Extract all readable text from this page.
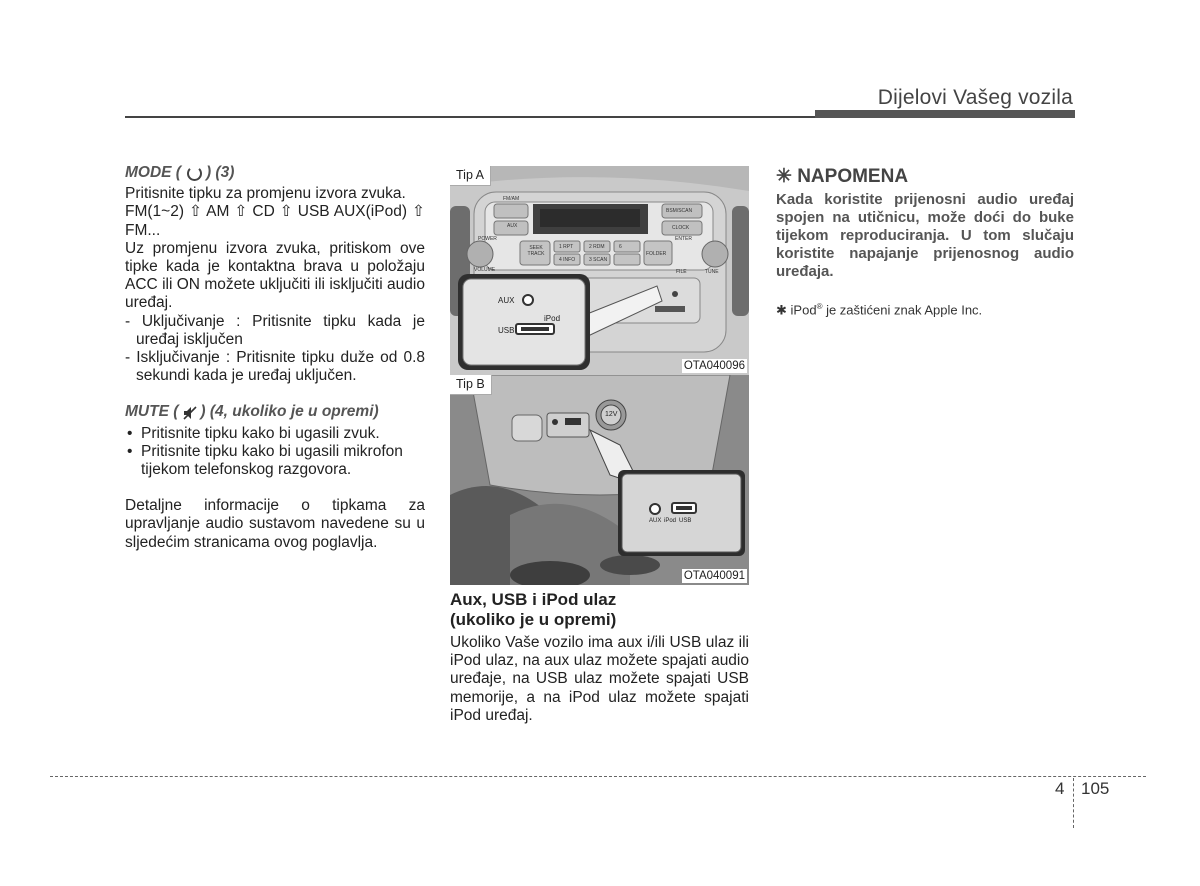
Dijelovi Vašeg vozila

MODE ( ) (3)

Pritisnite tipku za promjenu izvora zvuka.

FM(1~2) ⇧ AM ⇧ CD ⇧ USB AUX(iPod) ⇧ FM...

Uz promjenu izvora zvuka, pritiskom ove tipke kada je kontaktna brava u položaju ACC ili ON možete uključiti ili isključiti audio uređaj.

- Uključivanje : Pritisnite tipku kada je uređaj isključen

- Isključivanje : Pritisnite tipku duže od 0.8 sekundi kada je uređaj uključen.

MUTE ( ) (4, ukoliko je u opremi)

• Pritisnite tipku kako bi ugasili zvuk.

• Pritisnite tipku kako bi ugasili mikrofon tijekom telefonskog razgovora.

Detaljne informacije o tipkama za upravljanje audio sustavom navedene su u sljedećim stranicama ovog poglavlja.

Tip A
FM/AM
AUX
BSM/SCAN
CLOCK
SEEK TRACK
1 RPT	2 RDM	6
4 INFO	3 SCAN
FOLDER
ENTER
POWER
VOLUME	FILE	TUNE
AUX
USB
iPod
OTA040096
Tip B
12V
AUX iPod USB
OTA040091
Aux, USB i iPod ulaz
(ukoliko je u opremi)
Ukoliko Vaše vozilo ima aux i/ili USB ulaz ili iPod ulaz, na aux ulaz možete spajati audio uređaje, na USB ulaz možete spajati USB memorije, a na iPod ulaz možete spajati iPod uređaj.
✳ NAPOMENA
Kada koristite prijenosni audio uređaj spojen na utičnicu, može doći do buke tijekom reproduciranja. U tom slučaju koristite napajanje prijenosnog audio uređaja.
✱ iPod® je zaštićeni znak Apple Inc.
4 105
